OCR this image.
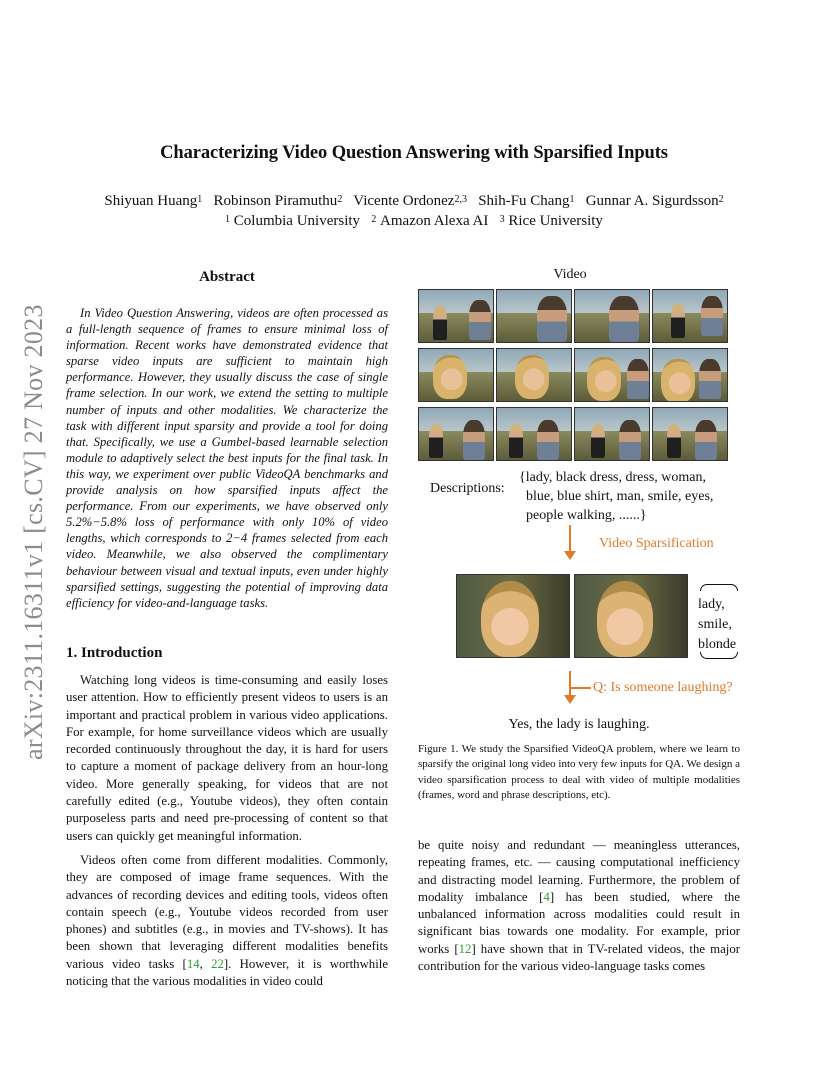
Characterizing Video Question Answering with Sparsified Inputs
Shiyuan Huang$^1$ Robinson Piramuthu$^2$ Vicente Ordonez$^{2,3}$ Shih-Fu Chang$^1$ Gunnar A. Sigurdsson$^2$
$^1$ Columbia University $^2$ Amazon Alexa AI $^3$ Rice University
arXiv:2311.16311v1 [cs.CV] 27 Nov 2023
Abstract
In Video Question Answering, videos are often processed as a full-length sequence of frames to ensure minimal loss of information. Recent works have demonstrated evidence that sparse video inputs are sufficient to maintain high performance. However, they usually discuss the case of single frame selection. In our work, we extend the setting to multiple number of inputs and other modalities. We characterize the task with different input sparsity and provide a tool for doing that. Specifically, we use a Gumbel-based learnable selection module to adaptively select the best inputs for the final task. In this way, we experiment over public VideoQA benchmarks and provide analysis on how sparsified inputs affect the performance. From our experiments, we have observed only 5.2%−5.8% loss of performance with only 10% of video lengths, which corresponds to 2−4 frames selected from each video. Meanwhile, we also observed the complimentary behaviour between visual and textual inputs, even under highly sparsified settings, suggesting the potential of improving data efficiency for video-and-language tasks.
1. Introduction
Watching long videos is time-consuming and easily loses user attention. How to efficiently present videos to users is an important and practical problem in various video applications. For example, for home surveillance videos which are usually recorded continuously throughout the day, it is hard for users to capture a moment of package delivery from an hour-long video. More generally speaking, for videos that are not carefully edited (e.g., Youtube videos), they often contain purposeless parts and need pre-processing of content so that users can quickly get meaningful information.
Videos often come from different modalities. Commonly, they are composed of image frame sequences. With the advances of recording devices and editing tools, videos often contain speech (e.g., Youtube videos recorded from user phones) and subtitles (e.g., in movies and TV-shows). It has been shown that leveraging different modalities benefits various video tasks [14, 22]. However, it is worthwhile noticing that the various modalities in video could
be quite noisy and redundant — meaningless utterances, repeating frames, etc. — causing computational inefficiency and distracting model learning. Furthermore, the problem of modality imbalance [4] has been studied, where the unbalanced information across modalities could result in significant bias towards one modality. For example, prior works [12] have shown that in TV-related videos, the major contribution for the various video-language tasks comes
Video
Descriptions:
{lady, black dress, dress, woman,
blue, blue shirt, man, smile, eyes,
people walking, ......}
Video Sparsification
lady,
smile,
blonde
Q: Is someone laughing?
Yes, the lady is laughing.
Figure 1. We study the Sparsified VideoQA problem, where we learn to sparsify the original long video into very few inputs for QA. We design a video sparsification process to deal with video of multiple modalities (frames, word and phrase descriptions, etc).
